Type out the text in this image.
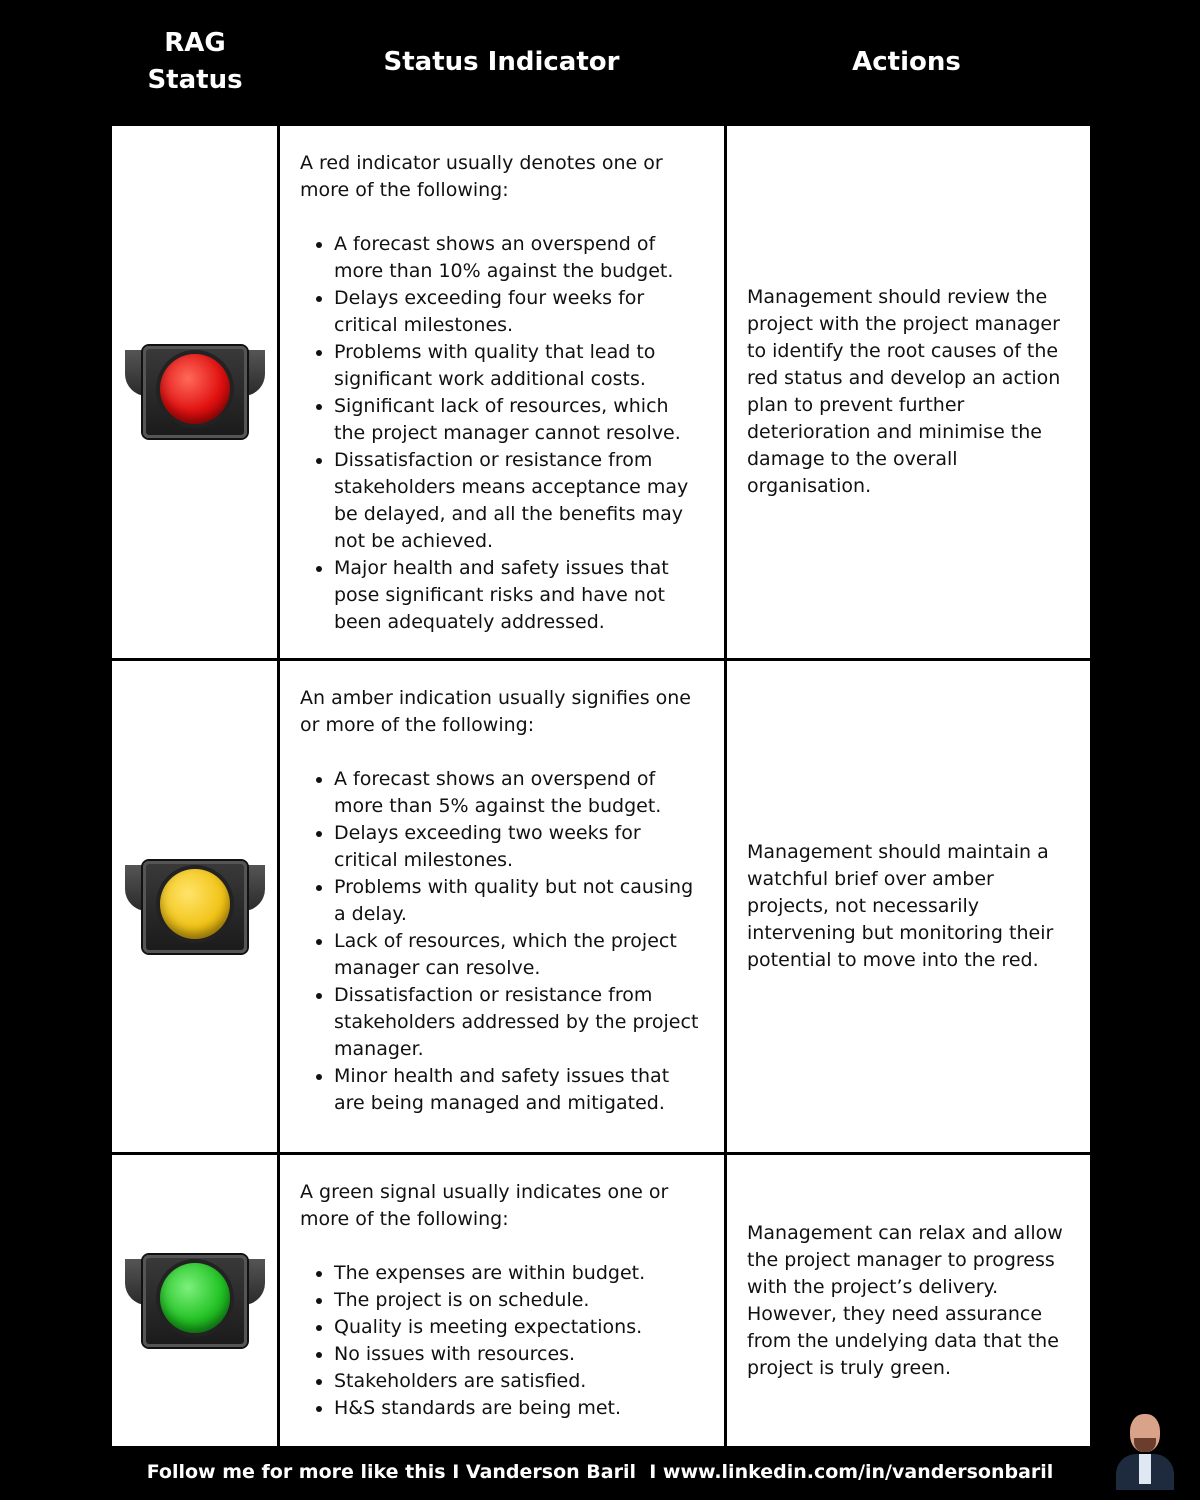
RAG
Status
Status Indicator	Actions

A red indicator usually denotes one or more of the following:

• A forecast shows an overspend of more than 10% against the budget.
• Delays exceeding four weeks for critical milestones.
• Problems with quality that lead to significant work additional costs.
• Significant lack of resources, which the project manager cannot resolve.
• Dissatisfaction or resistance from stakeholders means acceptance may be delayed, and all the benefits may not be achieved.
• Major health and safety issues that pose significant risks and have not been adequately addressed.

Management should review the project with the project manager to identify the root causes of the red status and develop an action plan to prevent further deterioration and minimise the damage to the overall organisation.

An amber indication usually signifies one or more of the following:

• A forecast shows an overspend of more than 5% against the budget.
• Delays exceeding two weeks for critical milestones.
• Problems with quality but not causing a delay.
• Lack of resources, which the project manager can resolve.
• Dissatisfaction or resistance from stakeholders addressed by the project manager.
• Minor health and safety issues that are being managed and mitigated.

Management should maintain a watchful brief over amber projects, not necessarily intervening but monitoring their potential to move into the red.

A green signal usually indicates one or more of the following:

• The expenses are within budget.
• The project is on schedule.
• Quality is meeting expectations.
• No issues with resources.
• Stakeholders are satisfied.
• H&S standards are being met.

Management can relax and allow the project manager to progress with the project’s delivery. However, they need assurance from the undelying data that the project is truly green.

Follow me for more like this I Vanderson Baril  I www.linkedin.com/in/vandersonbaril
